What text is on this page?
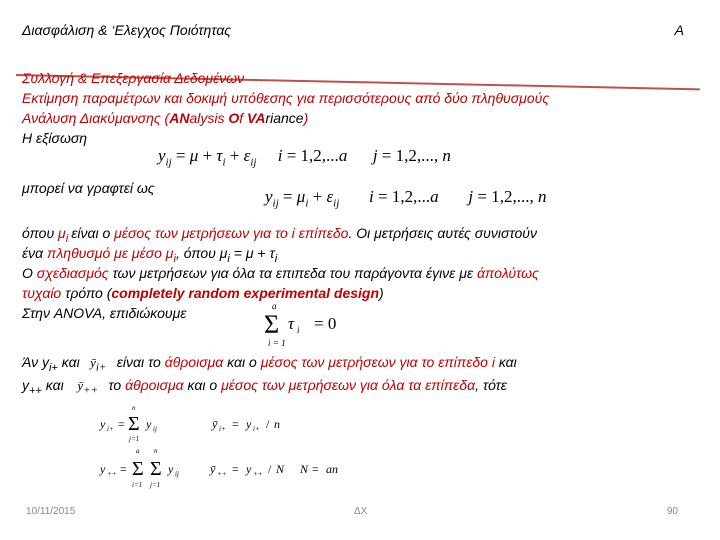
Διασφάλιση & ‘Ελεγχος Ποιότητας	A
Συλλογή & Επεξεργασία Δεδομένων
Εκτίμηση παραμέτρων και δοκιμή υπόθεσης για περισσότερους από δύο πληθυσμούς
Ανάλυση Διακύμανσης (ANalysis Of VAriance)
Η εξίσωση
$y_{ij} = \mu + \tau_i + \varepsilon_{ij}$ i = 1,2,...a j = 1,2,..., n
μπορεί να γραφτεί ως	$y_{ij} = \mu_i + \varepsilon_{ij}$ i = 1,2,...a j = 1,2,..., n
όπου $\mu_i$ είναι ο μέσος των μετρήσεων για το i επίπεδο. Οι μετρήσεις αυτές συνιστούν
ένα πληθυσμό με μέσο $\mu_i$, όπου $\mu_i = \mu + \tau_i$
Ο σχεδιασμός των μετρήσεων για όλα τα επιπεδα του παράγοντα έγινε με άπολύτως
τυχαίο τρόπο (completely random experimental design)
Στην ANOVA, επιδιώκουμε	a
Σ τ i = 0
i = 1
Άν $y_{i+}$ και   $ȳ_{i+}$ είναι το άθροισμα και ο μέσος των μετρήσεων για το επίπεδο i και
$y_{++}$ και    $ȳ_{++}$ το άθροισμα και ο μέσος των μετρήσεων για όλα τα επίπεδα, τότε
y i+ =
n
Σ
j=1
y ij	ȳ i+ = y i+ / n
y ++ =
a
Σ
i=1
n
Σ
j=1
y ij	ȳ ++ = y ++ / N N = an
10/11/2015	ΔΧ	90
